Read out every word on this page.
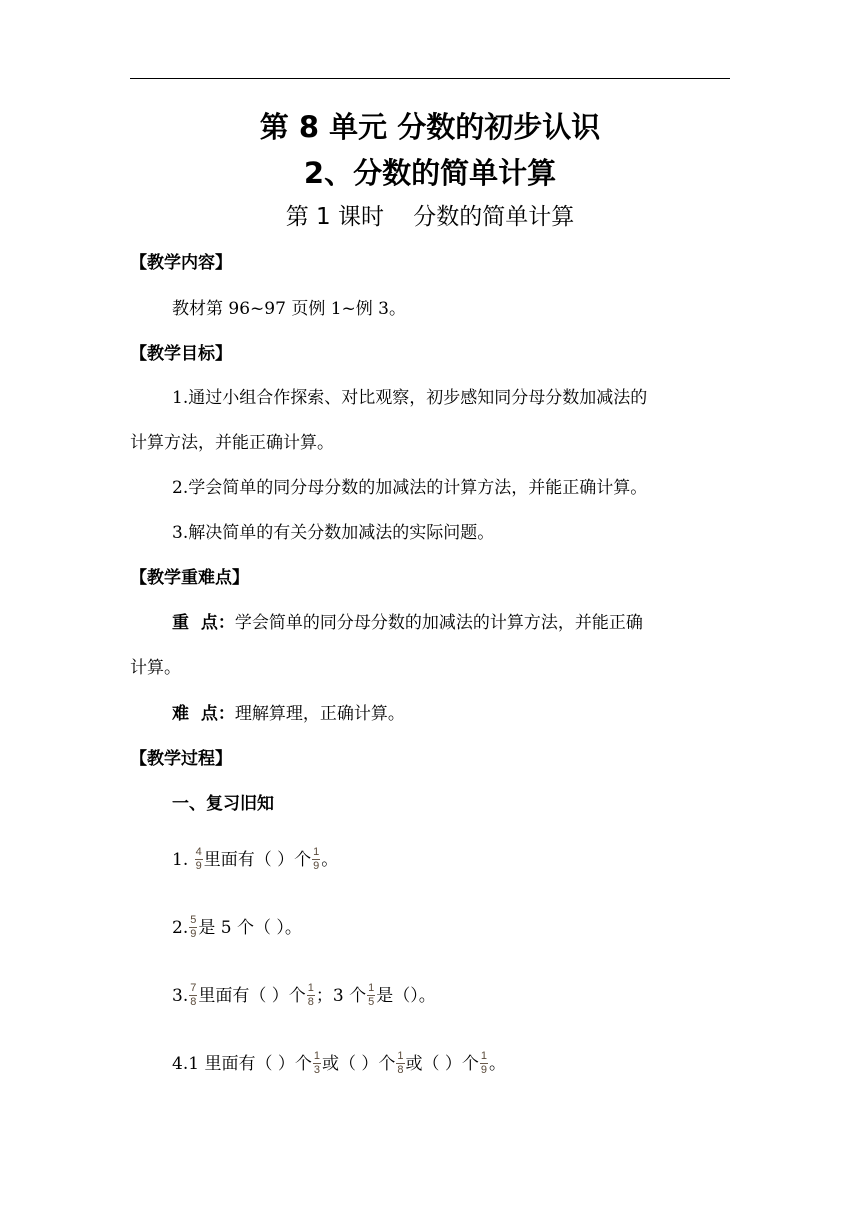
第 8 单元 分数的初步认识
2、分数的简单计算
第 1 课时    分数的简单计算
【教学内容】
教材第 96~97 页例 1~例 3。
【教学目标】
1.通过小组合作探索、对比观察，初步感知同分母分数加减法的
计算方法，并能正确计算。
2.学会简单的同分母分数的加减法的计算方法，并能正确计算。
3.解决简单的有关分数加减法的实际问题。
【教学重难点】
重  点：学会简单的同分母分数的加减法的计算方法，并能正确
计算。
难  点：理解算理，正确计算。
【教学过程】
一、复习旧知
1. $\frac{4}{9}$ 里面有（ ）个 $\frac{1}{9}$ 。
2. $\frac{5}{9}$ 是 5 个（ ）。
3. $\frac{7}{8}$ 里面有（ ）个 $\frac{1}{8}$ ；3 个 $\frac{1}{5}$ 是（）。
4.1 里面有（ ）个 $\frac{1}{3}$ 或（ ）个 $\frac{1}{8}$ 或（ ）个 $\frac{1}{9}$ 。
